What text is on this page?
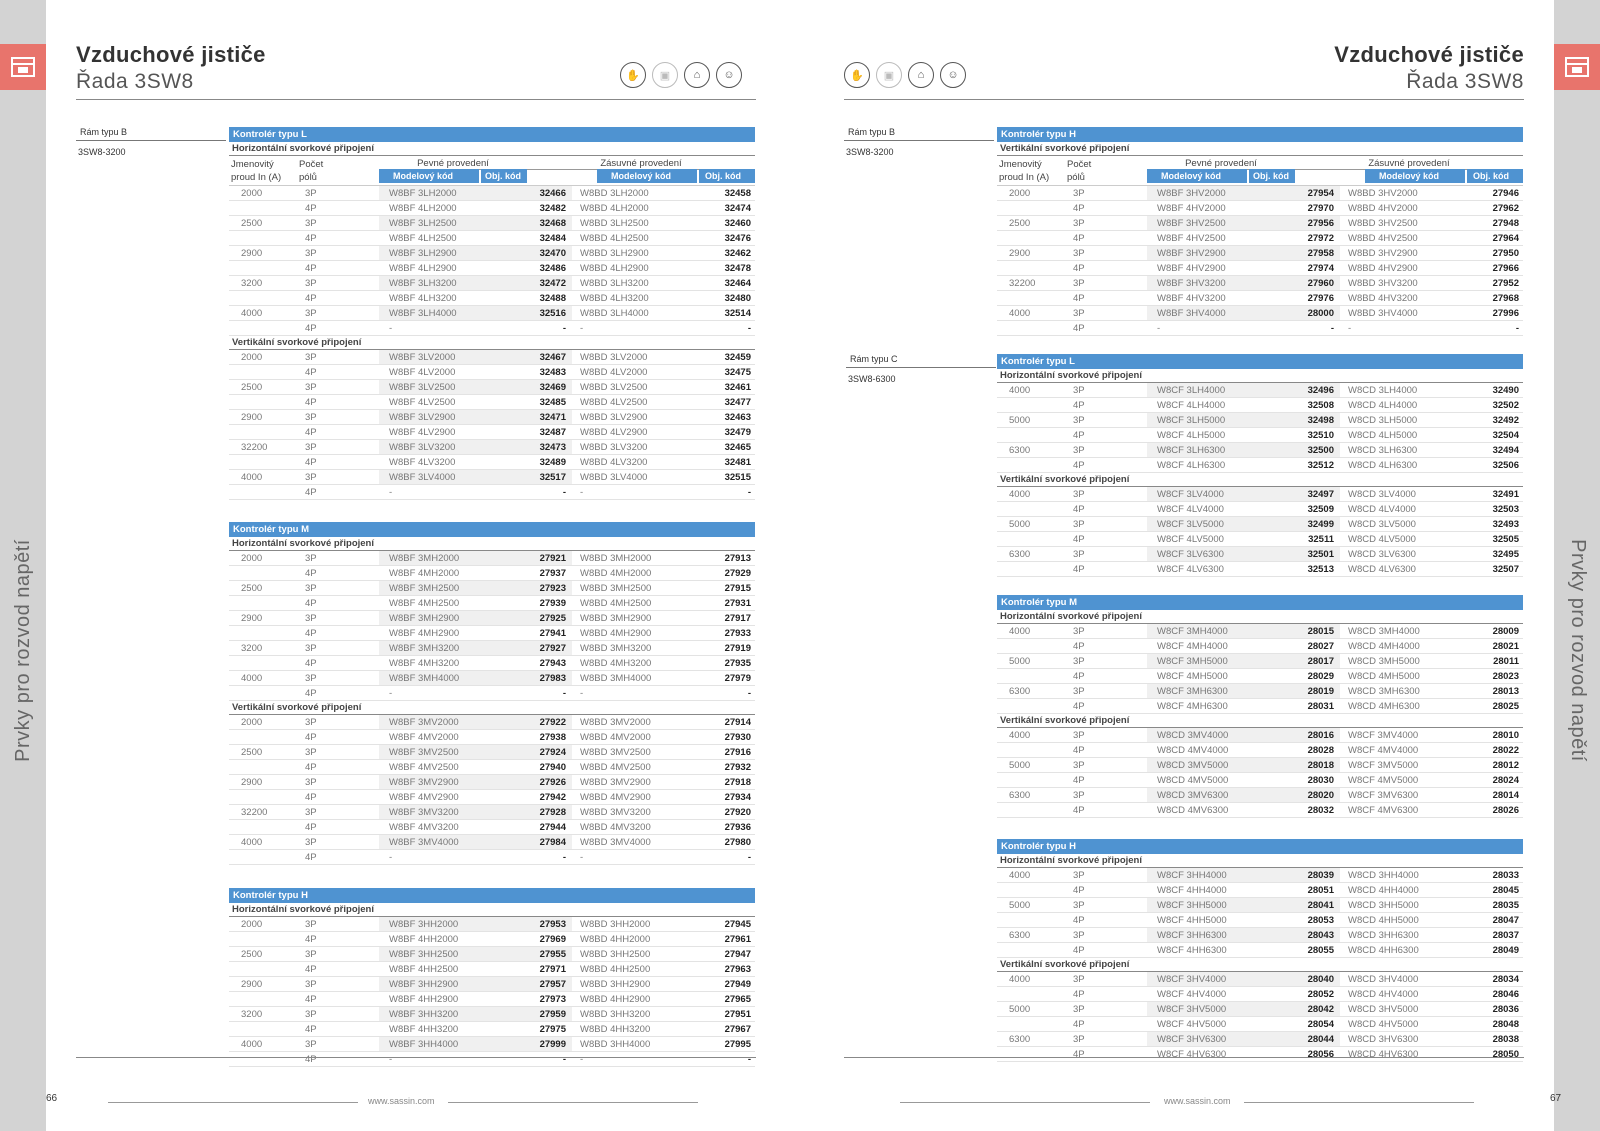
Prvky pro rozvod napětí	Prvky pro rozvod napětí
Vzduchové jističe
Řada 3SW8	✋	▣	⌂	☺
Rám typu B
3SW8-3200
Kontrolér typu L
Horizontální svorkové připojení
Jmenovitý
proud In (A)
Počet
pólů
Pevné provedení
Modelový kód	Obj. kód
Zásuvné provedení
Modelový kód	Obj. kód
2000	3P	W8BF 3LH2000	32466	W8BD 3LH2000	32458
4P	W8BF 4LH2000	32482	W8BD 4LH2000	32474
2500	3P	W8BF 3LH2500	32468	W8BD 3LH2500	32460
4P	W8BF 4LH2500	32484	W8BD 4LH2500	32476
2900	3P	W8BF 3LH2900	32470	W8BD 3LH2900	32462
4P	W8BF 4LH2900	32486	W8BD 4LH2900	32478
3200	3P	W8BF 3LH3200	32472	W8BD 3LH3200	32464
4P	W8BF 4LH3200	32488	W8BD 4LH3200	32480
4000	3P	W8BF 3LH4000	32516	W8BD 3LH4000	32514
4P	-	-	-	-
Vertikální svorkové připojení
2000	3P	W8BF 3LV2000	32467	W8BD 3LV2000	32459
4P	W8BF 4LV2000	32483	W8BD 4LV2000	32475
2500	3P	W8BF 3LV2500	32469	W8BD 3LV2500	32461
4P	W8BF 4LV2500	32485	W8BD 4LV2500	32477
2900	3P	W8BF 3LV2900	32471	W8BD 3LV2900	32463
4P	W8BF 4LV2900	32487	W8BD 4LV2900	32479
32200	3P	W8BF 3LV3200	32473	W8BD 3LV3200	32465
4P	W8BF 4LV3200	32489	W8BD 4LV3200	32481
4000	3P	W8BF 3LV4000	32517	W8BD 3LV4000	32515
4P	-	-	-	-
Kontrolér typu M
Horizontální svorkové připojení
2000	3P	W8BF 3MH2000	27921	W8BD 3MH2000	27913
4P	W8BF 4MH2000	27937	W8BD 4MH2000	27929
2500	3P	W8BF 3MH2500	27923	W8BD 3MH2500	27915
4P	W8BF 4MH2500	27939	W8BD 4MH2500	27931
2900	3P	W8BF 3MH2900	27925	W8BD 3MH2900	27917
4P	W8BF 4MH2900	27941	W8BD 4MH2900	27933
3200	3P	W8BF 3MH3200	27927	W8BD 3MH3200	27919
4P	W8BF 4MH3200	27943	W8BD 4MH3200	27935
4000	3P	W8BF 3MH4000	27983	W8BD 3MH4000	27979
4P	-	-	-	-
Vertikální svorkové připojení
2000	3P	W8BF 3MV2000	27922	W8BD 3MV2000	27914
4P	W8BF 4MV2000	27938	W8BD 4MV2000	27930
2500	3P	W8BF 3MV2500	27924	W8BD 3MV2500	27916
4P	W8BF 4MV2500	27940	W8BD 4MV2500	27932
2900	3P	W8BF 3MV2900	27926	W8BD 3MV2900	27918
4P	W8BF 4MV2900	27942	W8BD 4MV2900	27934
32200	3P	W8BF 3MV3200	27928	W8BD 3MV3200	27920
4P	W8BF 4MV3200	27944	W8BD 4MV3200	27936
4000	3P	W8BF 3MV4000	27984	W8BD 3MV4000	27980
4P	-	-	-	-
Kontrolér typu H
Horizontální svorkové připojení
2000	3P	W8BF 3HH2000	27953	W8BD 3HH2000	27945
4P	W8BF 4HH2000	27969	W8BD 4HH2000	27961
2500	3P	W8BF 3HH2500	27955	W8BD 3HH2500	27947
4P	W8BF 4HH2500	27971	W8BD 4HH2500	27963
2900	3P	W8BF 3HH2900	27957	W8BD 3HH2900	27949
4P	W8BF 4HH2900	27973	W8BD 4HH2900	27965
3200	3P	W8BF 3HH3200	27959	W8BD 3HH3200	27951
4P	W8BF 4HH3200	27975	W8BD 4HH3200	27967
4000	3P	W8BF 3HH4000	27999	W8BD 3HH4000	27995
4P	-	-	-	-
66	www.sassin.com
Vzduchové jističe
Řada 3SW8
✋	▣	⌂	☺
Rám typu B
3SW8-3200
Rám typu C
3SW8-6300
Kontrolér typu H
Vertikální svorkové připojení
Jmenovitý
proud In (A)
Počet
pólů
Pevné provedení
Modelový kód	Obj. kód
Zásuvné provedení
Modelový kód	Obj. kód
2000	3P	W8BF 3HV2000	27954	W8BD 3HV2000	27946
4P	W8BF 4HV2000	27970	W8BD 4HV2000	27962
2500	3P	W8BF 3HV2500	27956	W8BD 3HV2500	27948
4P	W8BF 4HV2500	27972	W8BD 4HV2500	27964
2900	3P	W8BF 3HV2900	27958	W8BD 3HV2900	27950
4P	W8BF 4HV2900	27974	W8BD 4HV2900	27966
32200	3P	W8BF 3HV3200	27960	W8BD 3HV3200	27952
4P	W8BF 4HV3200	27976	W8BD 4HV3200	27968
4000	3P	W8BF 3HV4000	28000	W8BD 3HV4000	27996
4P	-	-	-	-
Kontrolér typu L
Horizontální svorkové připojení
4000	3P	W8CF 3LH4000	32496	W8CD 3LH4000	32490
4P	W8CF 4LH4000	32508	W8CD 4LH4000	32502
5000	3P	W8CF 3LH5000	32498	W8CD 3LH5000	32492
4P	W8CF 4LH5000	32510	W8CD 4LH5000	32504
6300	3P	W8CF 3LH6300	32500	W8CD 3LH6300	32494
4P	W8CF 4LH6300	32512	W8CD 4LH6300	32506
Vertikální svorkové připojení
4000	3P	W8CF 3LV4000	32497	W8CD 3LV4000	32491
4P	W8CF 4LV4000	32509	W8CD 4LV4000	32503
5000	3P	W8CF 3LV5000	32499	W8CD 3LV5000	32493
4P	W8CF 4LV5000	32511	W8CD 4LV5000	32505
6300	3P	W8CF 3LV6300	32501	W8CD 3LV6300	32495
4P	W8CF 4LV6300	32513	W8CD 4LV6300	32507
Kontrolér typu M
Horizontální svorkové připojení
4000	3P	W8CF 3MH4000	28015	W8CD 3MH4000	28009
4P	W8CF 4MH4000	28027	W8CD 4MH4000	28021
5000	3P	W8CF 3MH5000	28017	W8CD 3MH5000	28011
4P	W8CF 4MH5000	28029	W8CD 4MH5000	28023
6300	3P	W8CF 3MH6300	28019	W8CD 3MH6300	28013
4P	W8CF 4MH6300	28031	W8CD 4MH6300	28025
Vertikální svorkové připojení
4000	3P	W8CD 3MV4000	28016	W8CF 3MV4000	28010
4P	W8CD 4MV4000	28028	W8CF 4MV4000	28022
5000	3P	W8CD 3MV5000	28018	W8CF 3MV5000	28012
4P	W8CD 4MV5000	28030	W8CF 4MV5000	28024
6300	3P	W8CD 3MV6300	28020	W8CF 3MV6300	28014
4P	W8CD 4MV6300	28032	W8CF 4MV6300	28026
Kontrolér typu H
Horizontální svorkové připojení
4000	3P	W8CF 3HH4000	28039	W8CD 3HH4000	28033
4P	W8CF 4HH4000	28051	W8CD 4HH4000	28045
5000	3P	W8CF 3HH5000	28041	W8CD 3HH5000	28035
4P	W8CF 4HH5000	28053	W8CD 4HH5000	28047
6300	3P	W8CF 3HH6300	28043	W8CD 3HH6300	28037
4P	W8CF 4HH6300	28055	W8CD 4HH6300	28049
Vertikální svorkové připojení
4000	3P	W8CF 3HV4000	28040	W8CD 3HV4000	28034
4P	W8CF 4HV4000	28052	W8CD 4HV4000	28046
5000	3P	W8CF 3HV5000	28042	W8CD 3HV5000	28036
4P	W8CF 4HV5000	28054	W8CD 4HV5000	28048
6300	3P	W8CF 3HV6300	28044	W8CD 3HV6300	28038
4P	W8CF 4HV6300	28056	W8CD 4HV6300	28050
www.sassin.com	67
